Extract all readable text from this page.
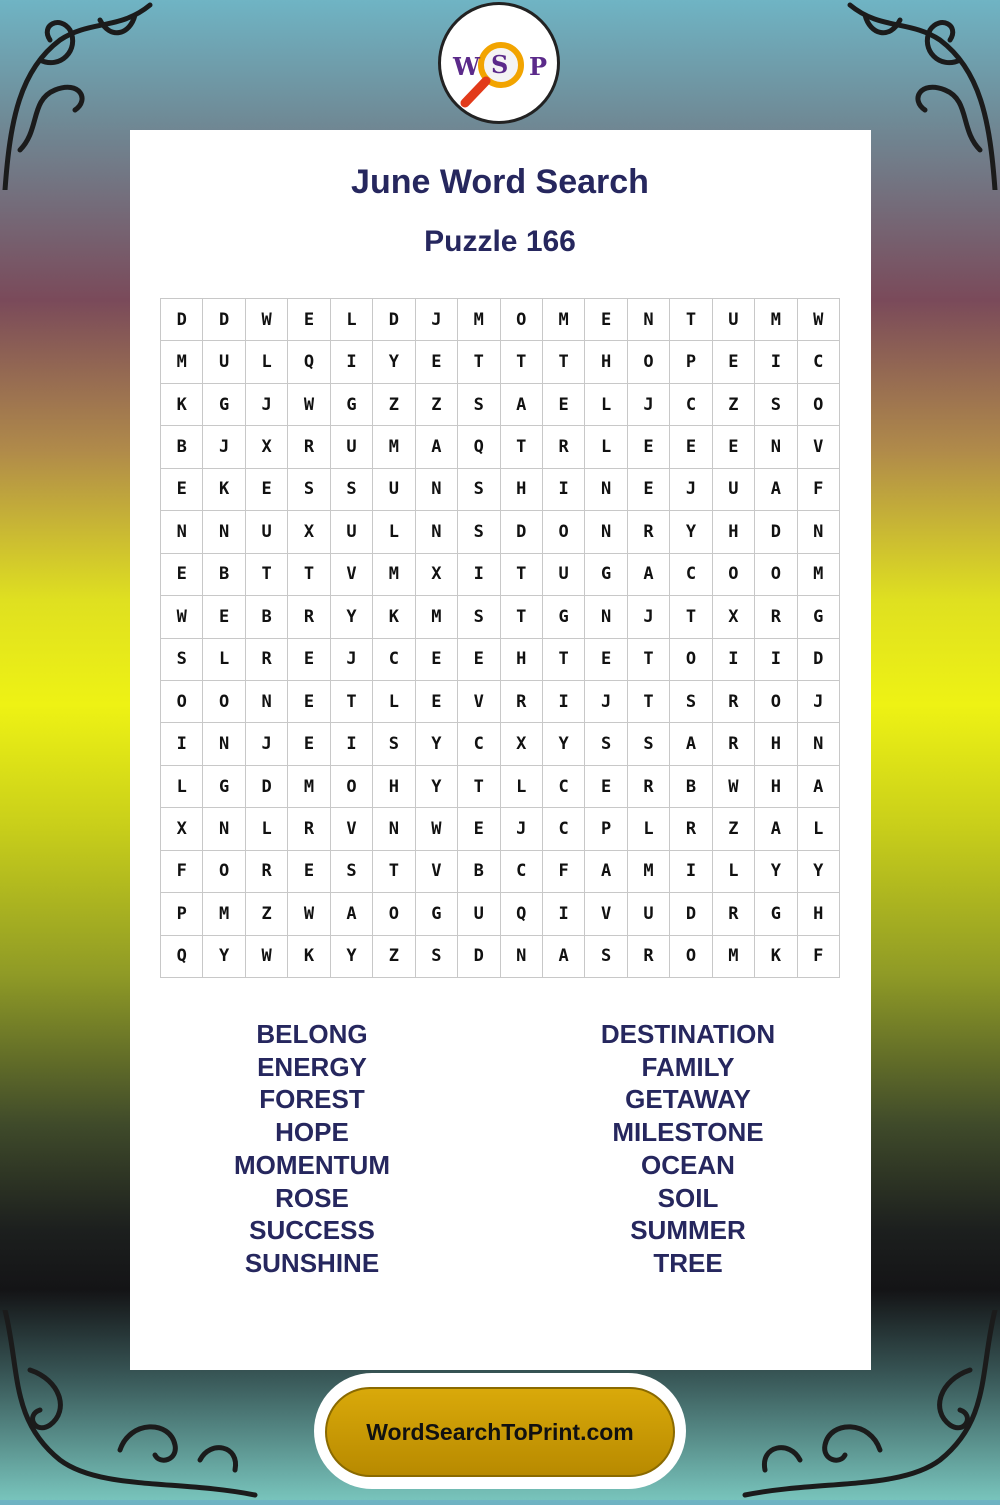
W S P
June Word Search
Puzzle 166
D	D	W	E	L	D	J	M	O	M	E	N	T	U	M	W
M	U	L	Q	I	Y	E	T	T	T	H	O	P	E	I	C
K	G	J	W	G	Z	Z	S	A	E	L	J	C	Z	S	O
B	J	X	R	U	M	A	Q	T	R	L	E	E	E	N	V
E	K	E	S	S	U	N	S	H	I	N	E	J	U	A	F
N	N	U	X	U	L	N	S	D	O	N	R	Y	H	D	N
E	B	T	T	V	M	X	I	T	U	G	A	C	O	O	M
W	E	B	R	Y	K	M	S	T	G	N	J	T	X	R	G
S	L	R	E	J	C	E	E	H	T	E	T	O	I	I	D
O	O	N	E	T	L	E	V	R	I	J	T	S	R	O	J
I	N	J	E	I	S	Y	C	X	Y	S	S	A	R	H	N
L	G	D	M	O	H	Y	T	L	C	E	R	B	W	H	A
X	N	L	R	V	N	W	E	J	C	P	L	R	Z	A	L
F	O	R	E	S	T	V	B	C	F	A	M	I	L	Y	Y
P	M	Z	W	A	O	G	U	Q	I	V	U	D	R	G	H
Q	Y	W	K	Y	Z	S	D	N	A	S	R	O	M	K	F
BELONG
ENERGY
FOREST
HOPE
MOMENTUM
ROSE
SUCCESS
SUNSHINE
DESTINATION
FAMILY
GETAWAY
MILESTONE
OCEAN
SOIL
SUMMER
TREE
WordSearchToPrint.com
